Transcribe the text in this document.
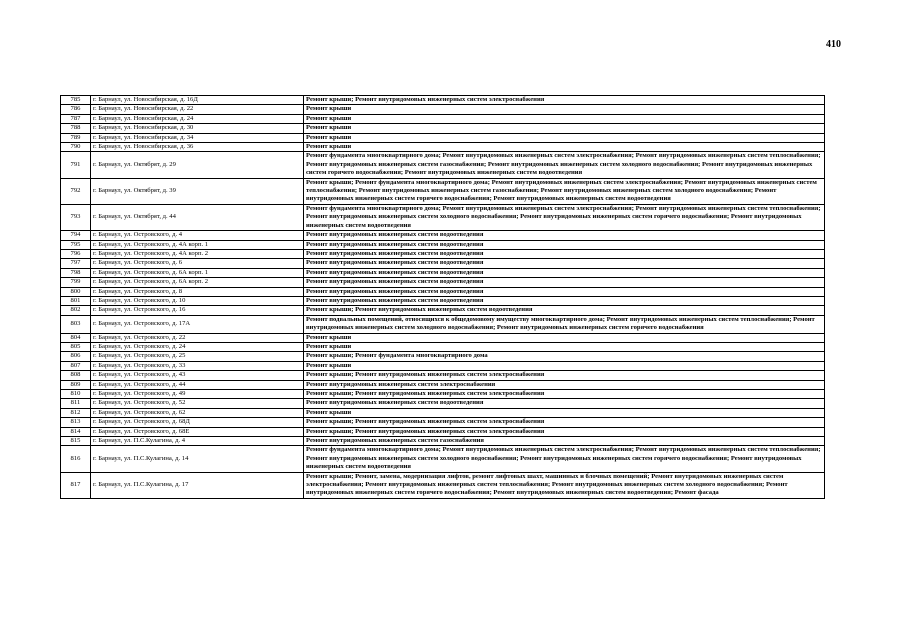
410
785	г. Барнаул, ул. Новосибирская, д. 16Д	Ремонт крыши; Ремонт внутридомовых инженерных систем электроснабжения
786	г. Барнаул, ул. Новосибирская, д. 22	Ремонт крыши
787	г. Барнаул, ул. Новосибирская, д. 24	Ремонт крыши
788	г. Барнаул, ул. Новосибирская, д. 30	Ремонт крыши
789	г. Барнаул, ул. Новосибирская, д. 34	Ремонт крыши
790	г. Барнаул, ул. Новосибирская, д. 36	Ремонт крыши
791	г. Барнаул, ул. Октябрят, д. 29	Ремонт фундамента многоквартирного дома; Ремонт внутридомовых инженерных систем электроснабжения; Ремонт внутридомовых инженерных систем теплоснабжения; Ремонт внутридомовых инженерных систем газоснабжения; Ремонт внутридомовых инженерных систем холодного водоснабжения; Ремонт внутридомовых инженерных систем горячего водоснабжения; Ремонт внутридомовых инженерных систем водоотведения
792	г. Барнаул, ул. Октябрят, д. 39	Ремонт крыши; Ремонт фундамента многоквартирного дома; Ремонт внутридомовых инженерных систем электроснабжения; Ремонт внутридомовых инженерных систем теплоснабжения; Ремонт внутридомовых инженерных систем газоснабжения; Ремонт внутридомовых инженерных систем холодного водоснабжения; Ремонт внутридомовых инженерных систем горячего водоснабжения; Ремонт внутридомовых инженерных систем водоотведения
793	г. Барнаул, ул. Октябрят, д. 44	Ремонт фундамента многоквартирного дома; Ремонт внутридомовых инженерных систем электроснабжения; Ремонт внутридомовых инженерных систем теплоснабжения; Ремонт внутридомовых инженерных систем холодного водоснабжения; Ремонт внутридомовых инженерных систем горячего водоснабжения; Ремонт внутридомовых инженерных систем водоотведения
794	г. Барнаул, ул. Островского, д. 4	Ремонт внутридомовых инженерных систем водоотведения
795	г. Барнаул, ул. Островского, д. 4А корп. 1	Ремонт внутридомовых инженерных систем водоотведения
796	г. Барнаул, ул. Островского, д. 4А корп. 2	Ремонт внутридомовых инженерных систем водоотведения
797	г. Барнаул, ул. Островского, д. 6	Ремонт внутридомовых инженерных систем водоотведения
798	г. Барнаул, ул. Островского, д. 6А корп. 1	Ремонт внутридомовых инженерных систем водоотведения
799	г. Барнаул, ул. Островского, д. 6А корп. 2	Ремонт внутридомовых инженерных систем водоотведения
800	г. Барнаул, ул. Островского, д. 8	Ремонт внутридомовых инженерных систем водоотведения
801	г. Барнаул, ул. Островского, д. 10	Ремонт внутридомовых инженерных систем водоотведения
802	г. Барнаул, ул. Островского, д. 16	Ремонт крыши; Ремонт внутридомовых инженерных систем водоотведения
803	г. Барнаул, ул. Островского, д. 17А	Ремонт подвальных помещений, относящихся к общедомовому имуществу многоквартирного дома; Ремонт внутридомовых инженерных систем теплоснабжения; Ремонт внутридомовых инженерных систем холодного водоснабжения; Ремонт внутридомовых инженерных систем горячего водоснабжения
804	г. Барнаул, ул. Островского, д. 22	Ремонт крыши
805	г. Барнаул, ул. Островского, д. 24	Ремонт крыши
806	г. Барнаул, ул. Островского, д. 25	Ремонт крыши; Ремонт фундамента многоквартирного дома
807	г. Барнаул, ул. Островского, д. 33	Ремонт крыши
808	г. Барнаул, ул. Островского, д. 43	Ремонт крыши; Ремонт внутридомовых инженерных систем электроснабжения
809	г. Барнаул, ул. Островского, д. 44	Ремонт внутридомовых инженерных систем электроснабжения
810	г. Барнаул, ул. Островского, д. 49	Ремонт крыши; Ремонт внутридомовых инженерных систем электроснабжения
811	г. Барнаул, ул. Островского, д. 52	Ремонт внутридомовых инженерных систем водоотведения
812	г. Барнаул, ул. Островского, д. 62	Ремонт крыши
813	г. Барнаул, ул. Островского, д. 68Д	Ремонт крыши; Ремонт внутридомовых инженерных систем электроснабжения
814	г. Барнаул, ул. Островского, д. 68Е	Ремонт крыши; Ремонт внутридомовых инженерных систем электроснабжения
815	г. Барнаул, ул. П.С.Кулагина, д. 4	Ремонт внутридомовых инженерных систем газоснабжения
816	г. Барнаул, ул. П.С.Кулагина, д. 14	Ремонт фундамента многоквартирного дома; Ремонт внутридомовых инженерных систем электроснабжения; Ремонт внутридомовых инженерных систем теплоснабжения; Ремонт внутридомовых инженерных систем холодного водоснабжения; Ремонт внутридомовых инженерных систем горячего водоснабжения; Ремонт внутридомовых инженерных систем водоотведения
817	г. Барнаул, ул. П.С.Кулагина, д. 17	Ремонт крыши; Ремонт, замена, модернизация лифтов, ремонт лифтовых шахт, машинных и блочных помещений; Ремонт внутридомовых инженерных систем электроснабжения; Ремонт внутридомовых инженерных систем теплоснабжения; Ремонт внутридомовых инженерных систем холодного водоснабжения; Ремонт внутридомовых инженерных систем горячего водоснабжения; Ремонт внутридомовых инженерных систем водоотведения; Ремонт фасада
